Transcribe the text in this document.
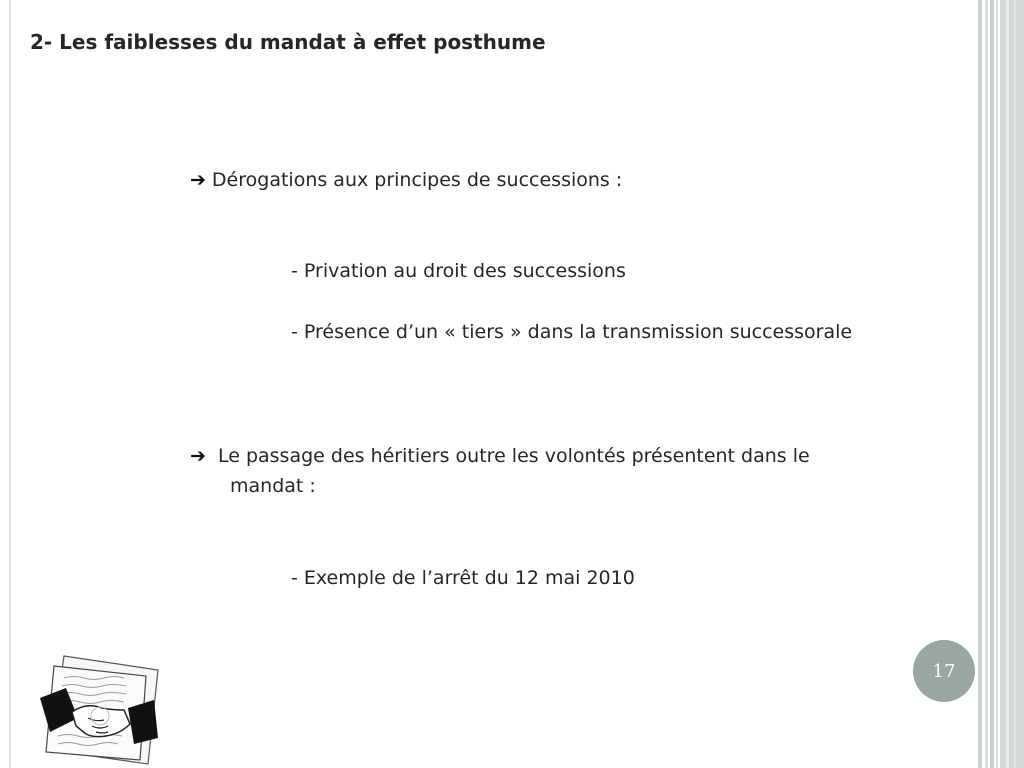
2- Les faiblesses du mandat à effet posthume
➔ Dérogations aux principes de successions :
- Privation au droit des successions
- Présence d’un « tiers » dans la transmission successorale
➔ Le passage des héritiers outre les volontés présentent dans le
mandat :
- Exemple de l’arrêt du 12 mai 2010
17
